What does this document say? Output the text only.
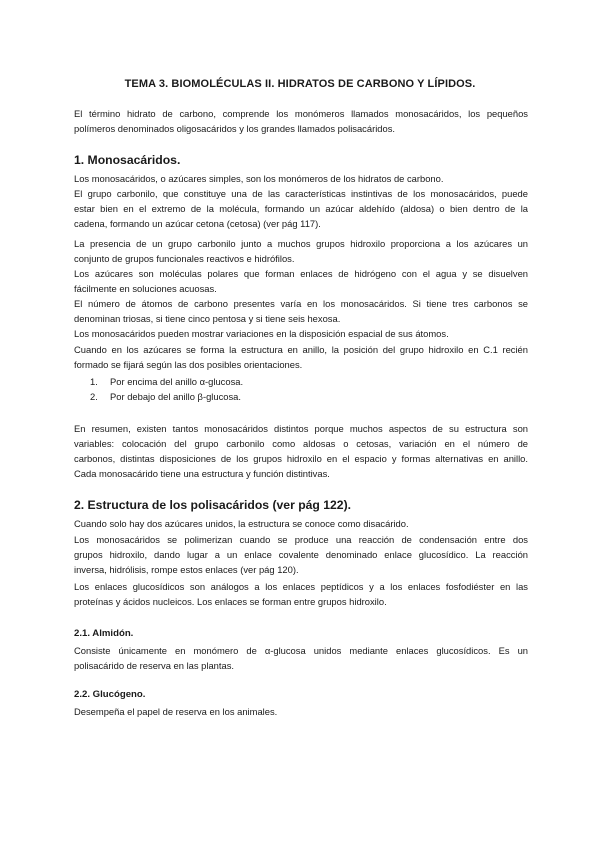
TEMA 3. BIOMOLÉCULAS II. HIDRATOS DE CARBONO Y LÍPIDOS.

El término hidrato de carbono, comprende los monómeros llamados monosacáridos, los pequeños
polímeros denominados oligosacáridos y los grandes llamados polisacáridos.

1. Monosacáridos.

Los monosacáridos, o azúcares simples, son los monómeros de los hidratos de carbono.

El grupo carbonilo, que constituye una de las características instintivas de los monosacáridos, puede
estar bien en el extremo de la molécula, formando un azúcar aldehído (aldosa) o bien dentro de la
cadena, formando un azúcar cetona (cetosa) (ver pág 117).

La presencia de un grupo carbonilo junto a muchos grupos hidroxilo proporciona a los azúcares un
conjunto de grupos funcionales reactivos e hidrófilos.

Los azúcares son moléculas polares que forman enlaces de hidrógeno con el agua y se disuelven
fácilmente en soluciones acuosas.

El número de átomos de carbono presentes varía en los monosacáridos. Si tiene tres carbonos se
denominan triosas, si tiene cinco pentosa y si tiene seis hexosa.

Los monosacáridos pueden mostrar variaciones en la disposición espacial de sus átomos.

Cuando en los azúcares se forma la estructura en anillo, la posición del grupo hidroxilo en C.1 recién
formado se fijará según las dos posibles orientaciones.

1. Por encima del anillo α-glucosa.
2. Por debajo del anillo β-glucosa.

En resumen, existen tantos monosacáridos distintos porque muchos aspectos de su estructura son
variables: colocación del grupo carbonilo como aldosas o cetosas, variación en el número de
carbonos, distintas disposiciones de los grupos hidroxilo en el espacio y formas alternativas en anillo.
Cada monosacárido tiene una estructura y función distintivas.

2. Estructura de los polisacáridos (ver pág 122).

Cuando solo hay dos azúcares unidos, la estructura se conoce como disacárido.

Los monosacáridos se polimerizan cuando se produce una reacción de condensación entre dos
grupos hidroxilo, dando lugar a un enlace covalente denominado enlace glucosídico. La reacción
inversa, hidrólisis, rompe estos enlaces (ver pág 120).

Los enlaces glucosídicos son análogos a los enlaces peptídicos y a los enlaces fosfodiéster en las
proteínas y ácidos nucleicos. Los enlaces se forman entre grupos hidroxilo.

2.1. Almidón.

Consiste únicamente en monómero de α-glucosa unidos mediante enlaces glucosídicos. Es un
polisacárido de reserva en las plantas.

2.2. Glucógeno.

Desempeña el papel de reserva en los animales.
